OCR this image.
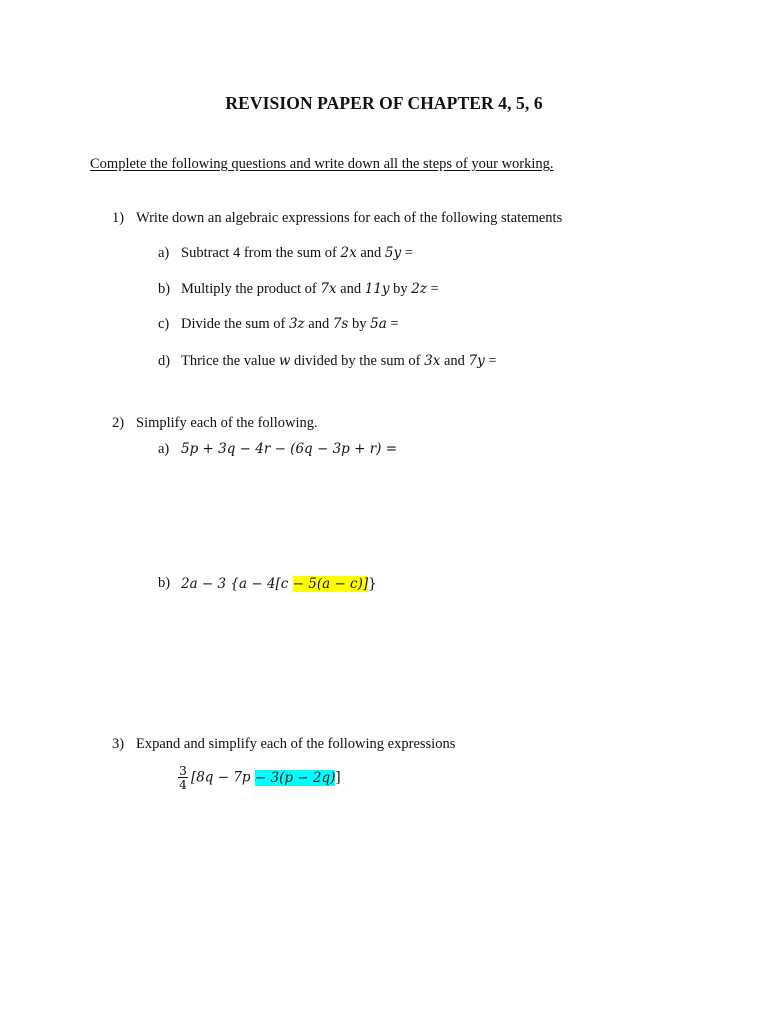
REVISION PAPER OF CHAPTER 4, 5, 6
Complete the following questions and write down all the steps of your working.
1) Write down an algebraic expressions for each of the following statements
a) Subtract 4 from the sum of 2x and 5y =
b) Multiply the product of 7x and 11y by 2z =
c) Divide the sum of 3z and 7s by 5a =
d) Thrice the value w divided by the sum of 3x and 7y =
2) Simplify each of the following.
a) 5p + 3q − 4r − (6q − 3p + r) =
b) 2a − 3 {a − 4[c − 5(a − c)]}
3) Expand and simplify each of the following expressions
$\frac{3}{4} [8q - 7p - 3(p - 2q)]$
